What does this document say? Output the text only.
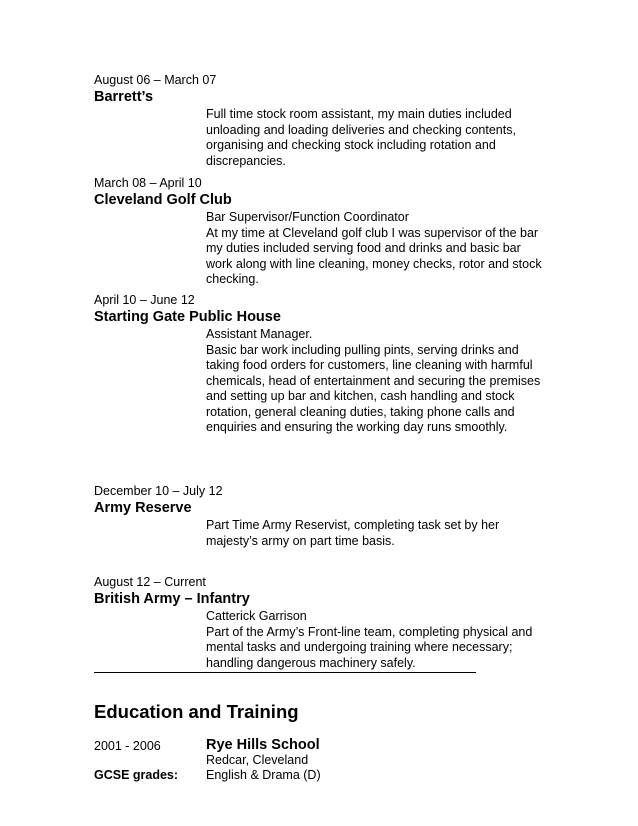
August 06 – March 07
Barrett’s
Full time stock room assistant, my main duties included
unloading and loading deliveries and checking contents,
organising and checking stock including rotation and
discrepancies.
March 08 – April 10
Cleveland Golf Club
Bar Supervisor/Function Coordinator
At my time at Cleveland golf club I was supervisor of the bar
my duties included serving food and drinks and basic bar
work along with line cleaning, money checks, rotor and stock
checking.
April 10 – June 12
Starting Gate Public House
Assistant Manager.
Basic bar work including pulling pints, serving drinks and
taking food orders for customers, line cleaning with harmful
chemicals, head of entertainment and securing the premises
and setting up bar and kitchen, cash handling and stock
rotation, general cleaning duties, taking phone calls and
enquiries and ensuring the working day runs smoothly.
December 10 – July 12
Army Reserve
Part Time Army Reservist, completing task set by her
majesty’s army on part time basis.
August 12 – Current
British Army – Infantry
Catterick Garrison
Part of the Army’s Front-line team, completing physical and
mental tasks and undergoing training where necessary;
handling dangerous machinery safely.
Education and Training
2001 - 2006	Rye Hills School
Redcar, Cleveland
GCSE grades: English & Drama (D)
